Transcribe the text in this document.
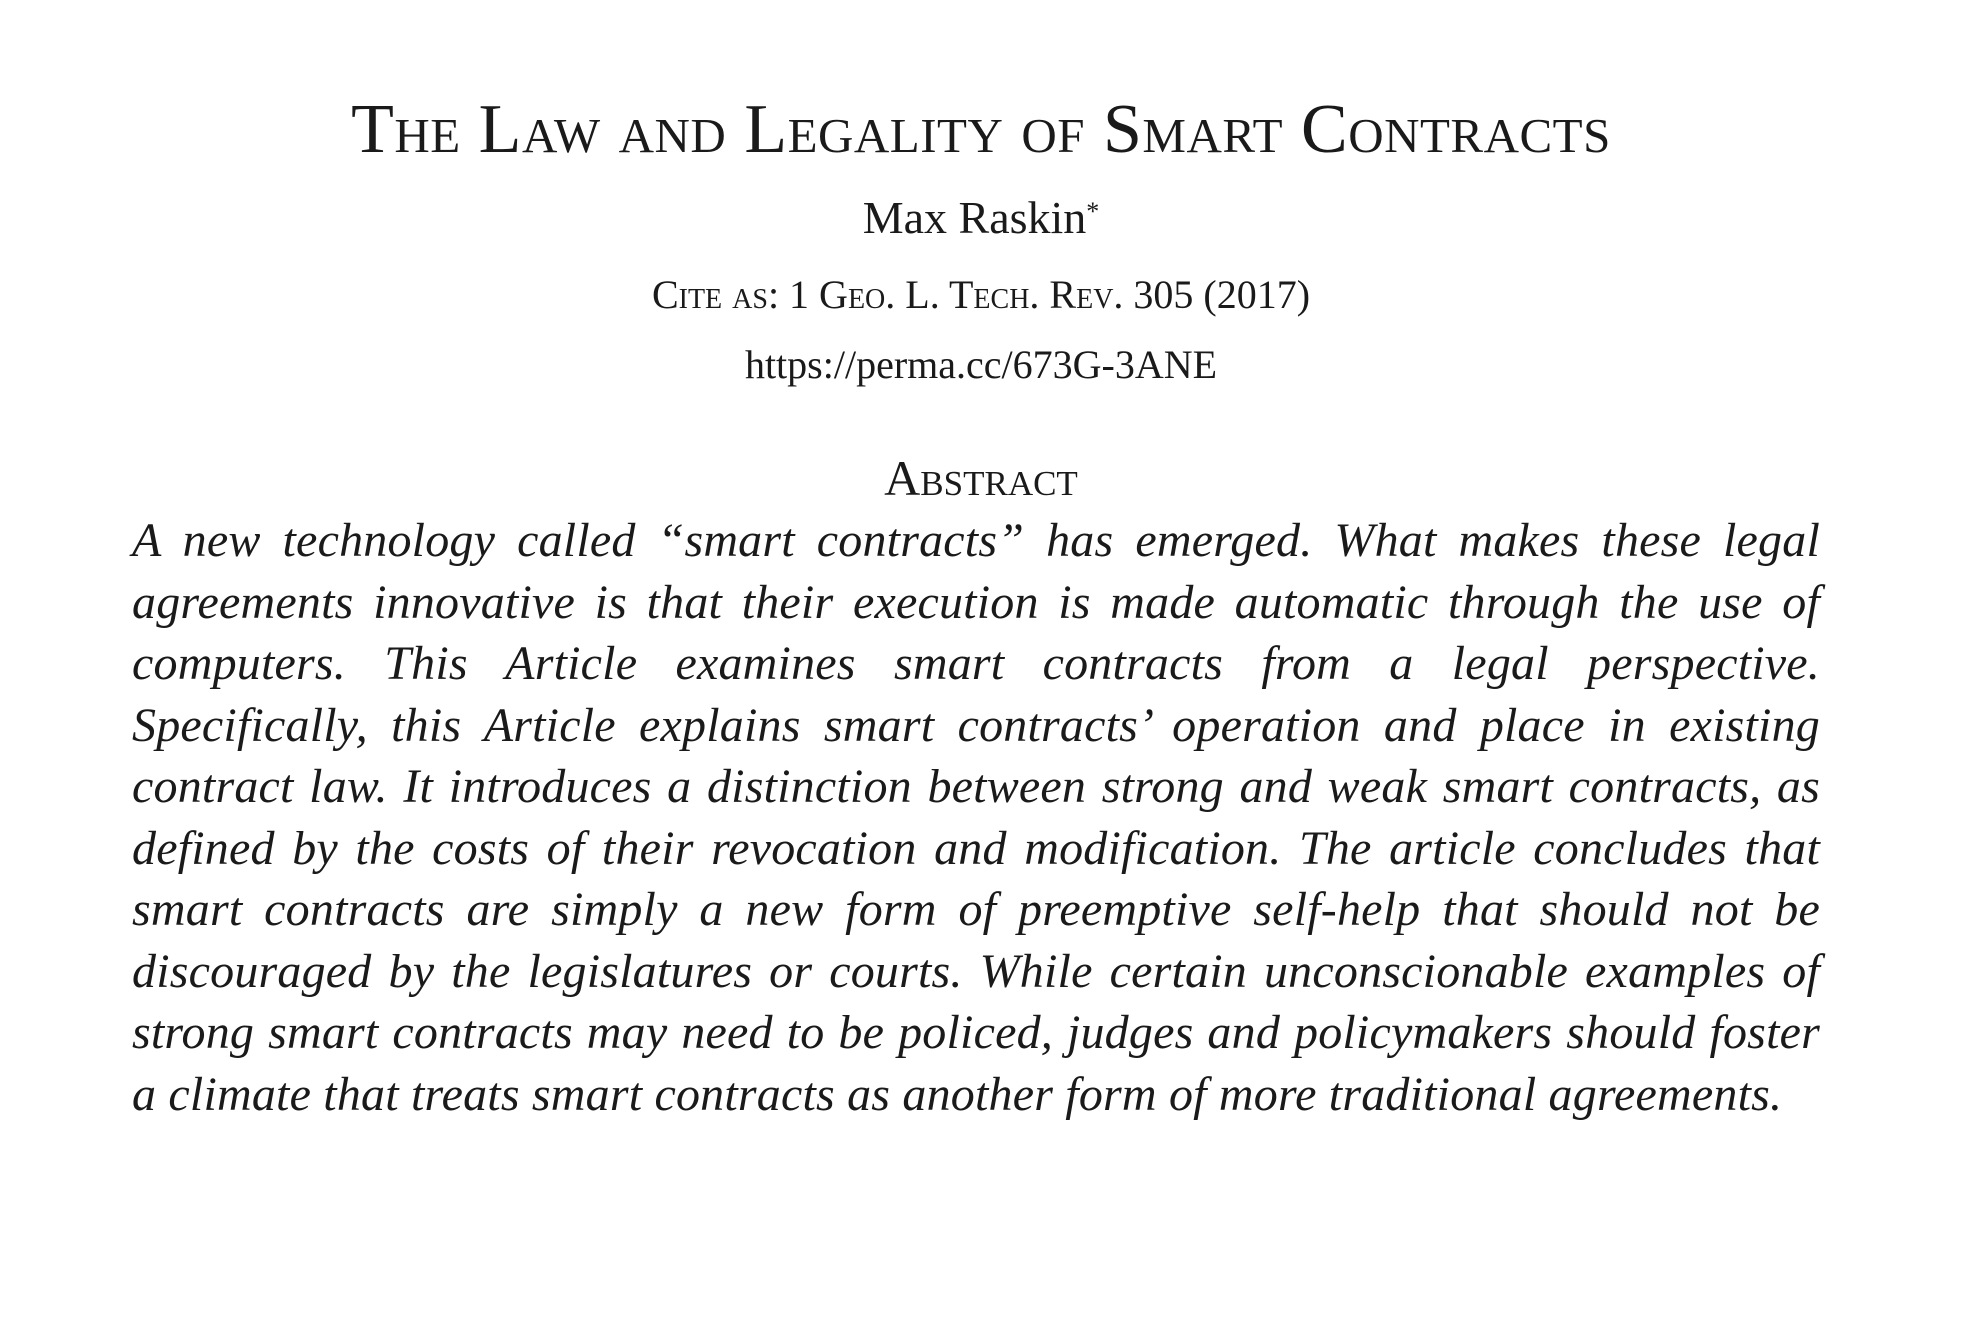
The Law and Legality of Smart Contracts
Max Raskin*
Cite as: 1 Geo. L. Tech. Rev. 305 (2017)
https://perma.cc/673G-3ANE
Abstract

A new technology called “smart contracts” has emerged. What makes these legal agreements innovative is that their execution is made automatic through the use of computers. This Article examines smart contracts from a legal perspective. Specifically, this Article explains smart contracts’ operation and place in existing contract law. It introduces a distinction between strong and weak smart contracts, as defined by the costs of their revocation and modification. The article concludes that smart contracts are simply a new form of preemptive self-help that should not be discouraged by the legislatures or courts. While certain unconscionable examples of strong smart contracts may need to be policed, judges and policymakers should foster a climate that treats smart contracts as another form of more traditional agreements.
